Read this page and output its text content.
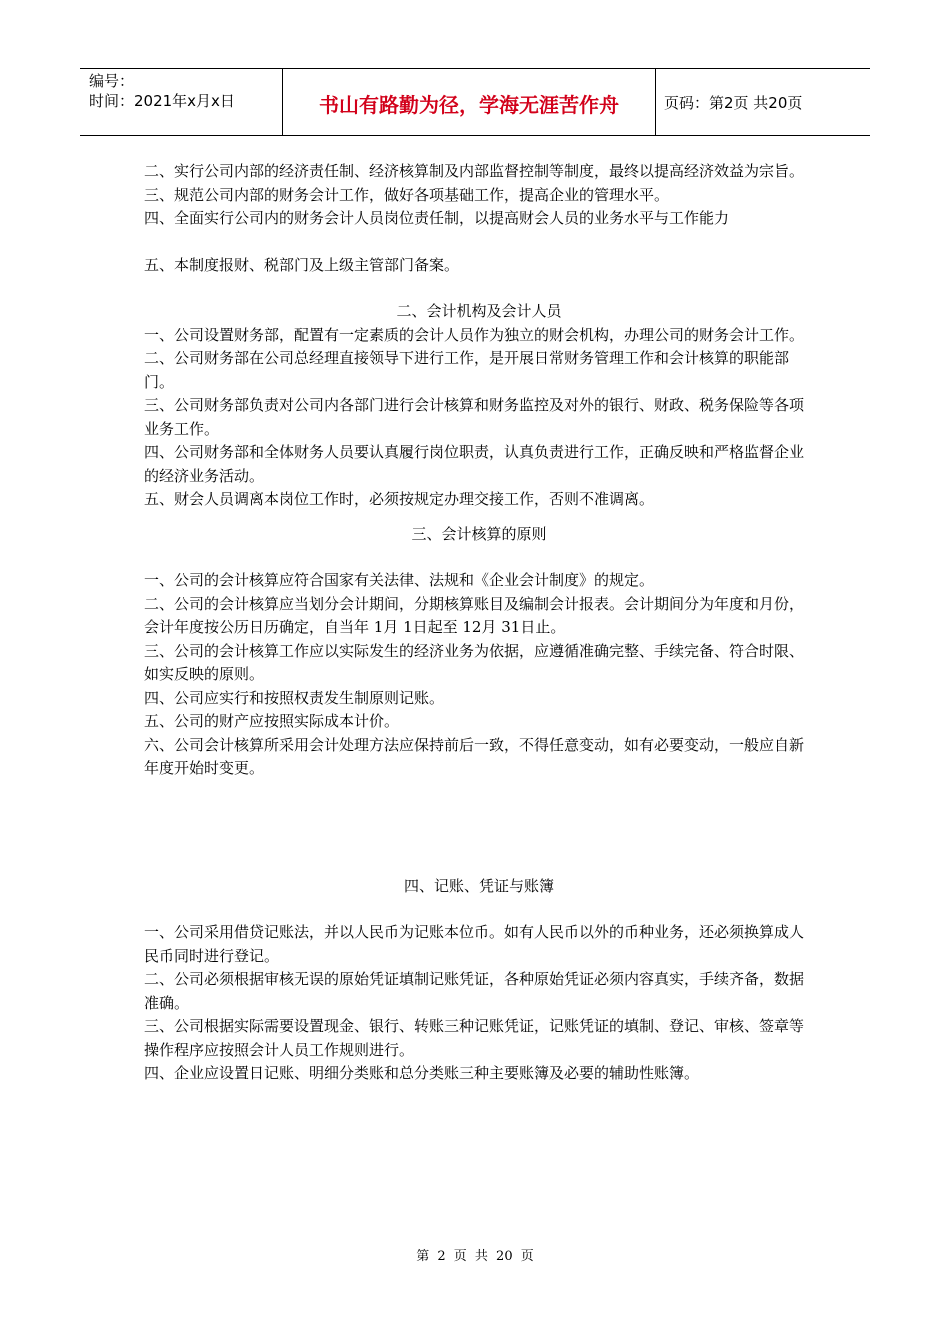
编号：
时间：2021年x月x日	书山有路勤为径，学海无涯苦作舟	页码：第2页 共20页

二、实行公司内部的经济责任制、经济核算制及内部监督控制等制度，最终以提高经济效益为宗旨。

三、规范公司内部的财务会计工作，做好各项基础工作，提高企业的管理水平。

四、全面实行公司内的财务会计人员岗位责任制，以提高财会人员的业务水平与工作能力

五、本制度报财、税部门及上级主管部门备案。

二、会计机构及会计人员

一、公司设置财务部，配置有一定素质的会计人员作为独立的财会机构，办理公司的财务会计工作。

二、公司财务部在公司总经理直接领导下进行工作，是开展日常财务管理工作和会计核算的职能部门。

三、公司财务部负责对公司内各部门进行会计核算和财务监控及对外的银行、财政、税务保险等各项业务工作。

四、公司财务部和全体财务人员要认真履行岗位职责，认真负责进行工作，正确反映和严格监督企业

的经济业务活动。

五、财会人员调离本岗位工作时，必须按规定办理交接工作，否则不准调离。

三、会计核算的原则

一、公司的会计核算应符合国家有关法律、法规和《企业会计制度》的规定。

二、公司的会计核算应当划分会计期间，分期核算账目及编制会计报表。会计期间分为年度和月份，会计年度按公历日历确定，自当年 1月 1日起至 12月 31日止。

三、公司的会计核算工作应以实际发生的经济业务为依据，应遵循准确完整、手续完备、符合时限、如实反映的原则。

四、公司应实行和按照权责发生制原则记账。

五、公司的财产应按照实际成本计价。

六、公司会计核算所采用会计处理方法应保持前后一致，不得任意变动，如有必要变动，一般应自新年度开始时变更。

四、记账、凭证与账簿

一、公司采用借贷记账法，并以人民币为记账本位币。如有人民币以外的币种业务，还必须换算成人民币同时进行登记。

二、公司必须根据审核无误的原始凭证填制记账凭证，各种原始凭证必须内容真实，手续齐备，数据准确。

三、公司根据实际需要设置现金、银行、转账三种记账凭证，记账凭证的填制、登记、审核、签章等操作程序应按照会计人员工作规则进行。

四、企业应设置日记账、明细分类账和总分类账三种主要账簿及必要的辅助性账簿。

第 2 页 共 20 页
